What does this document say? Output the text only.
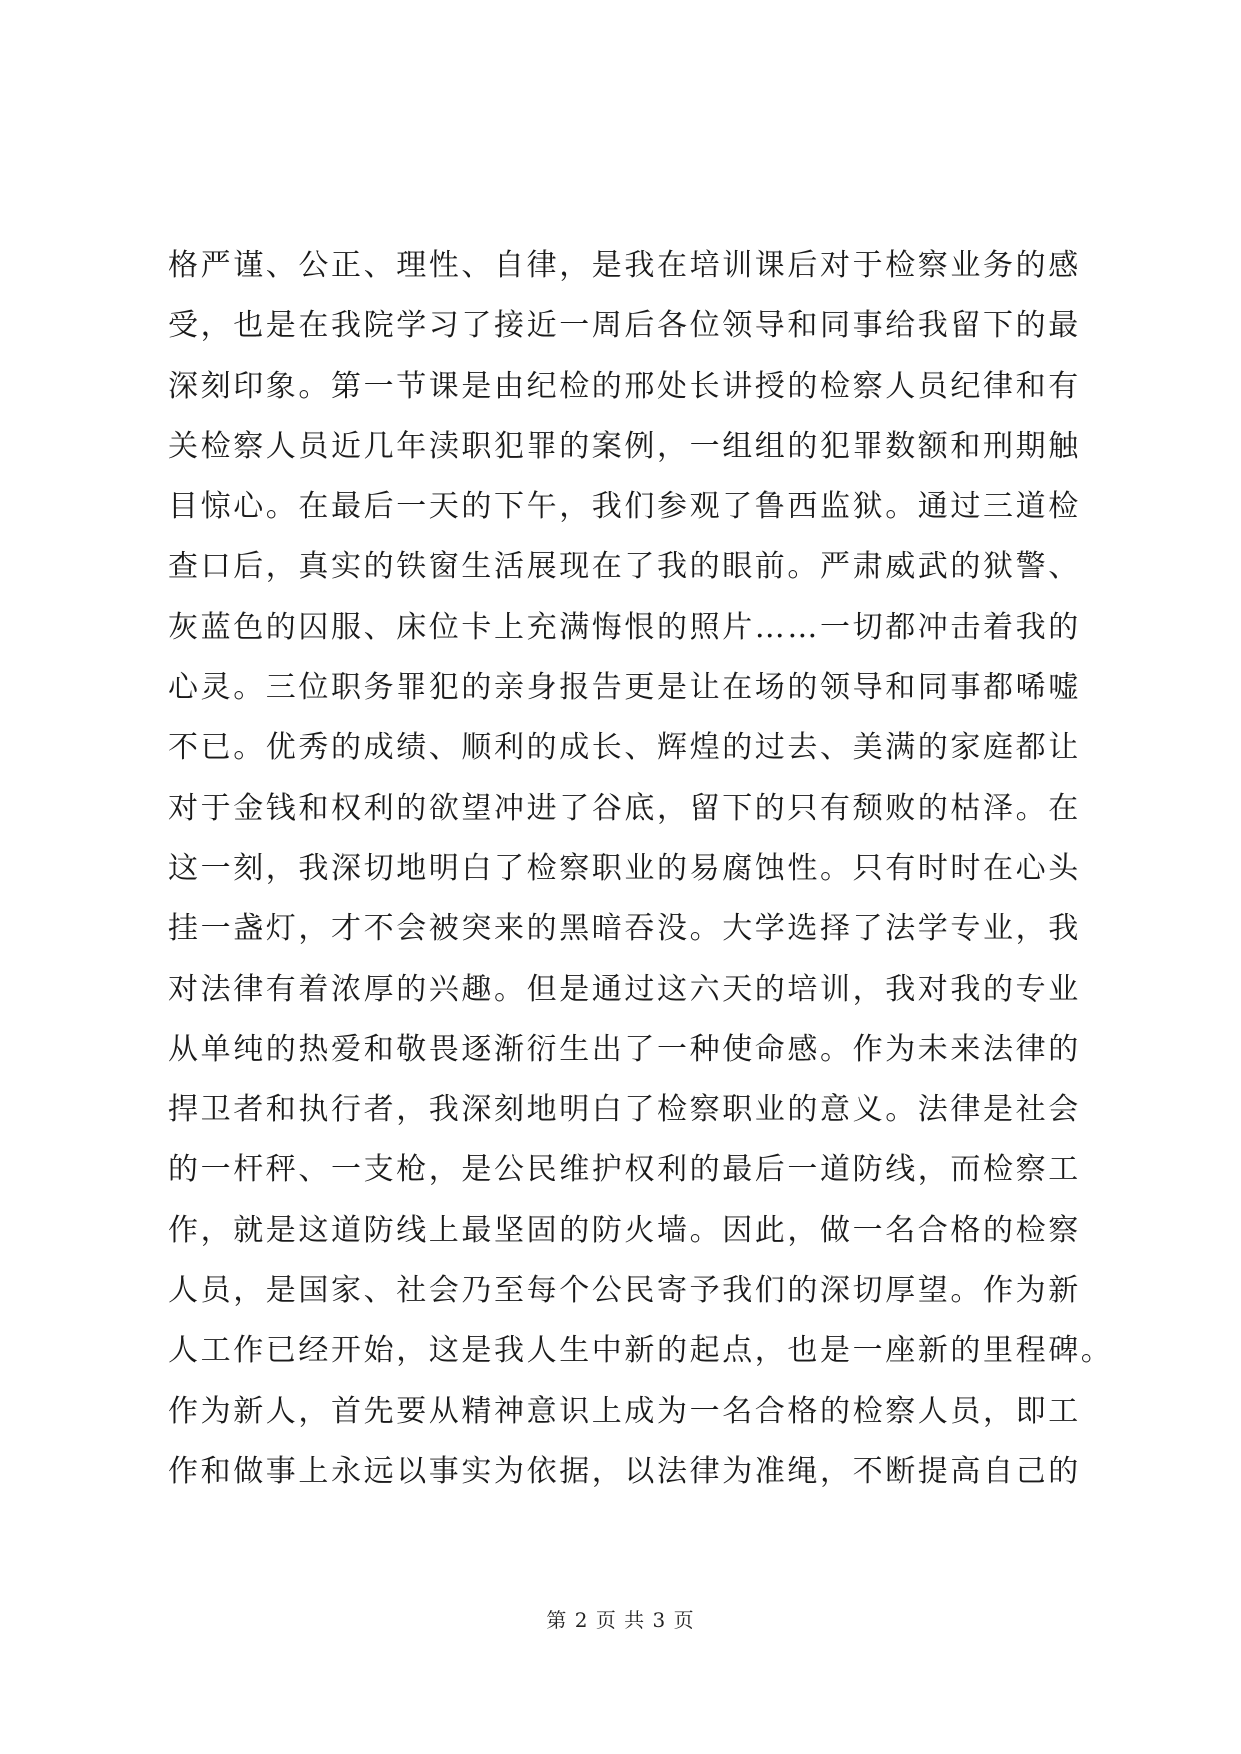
格严谨、公正、理性、自律，是我在培训课后对于检察业务的感
受，也是在我院学习了接近一周后各位领导和同事给我留下的最
深刻印象。第一节课是由纪检的邢处长讲授的检察人员纪律和有
关检察人员近几年渎职犯罪的案例，一组组的犯罪数额和刑期触
目惊心。在最后一天的下午，我们参观了鲁西监狱。通过三道检
查口后，真实的铁窗生活展现在了我的眼前。严肃威武的狱警、
灰蓝色的囚服、床位卡上充满悔恨的照片……一切都冲击着我的
心灵。三位职务罪犯的亲身报告更是让在场的领导和同事都唏嘘
不已。优秀的成绩、顺利的成长、辉煌的过去、美满的家庭都让
对于金钱和权利的欲望冲进了谷底，留下的只有颓败的枯泽。在
这一刻，我深切地明白了检察职业的易腐蚀性。只有时时在心头
挂一盏灯，才不会被突来的黑暗吞没。大学选择了法学专业，我
对法律有着浓厚的兴趣。但是通过这六天的培训，我对我的专业
从单纯的热爱和敬畏逐渐衍生出了一种使命感。作为未来法律的
捍卫者和执行者，我深刻地明白了检察职业的意义。法律是社会
的一杆秤、一支枪，是公民维护权利的最后一道防线，而检察工
作，就是这道防线上最坚固的防火墙。因此，做一名合格的检察
人员，是国家、社会乃至每个公民寄予我们的深切厚望。作为新
人工作已经开始，这是我人生中新的起点，也是一座新的里程碑。
作为新人，首先要从精神意识上成为一名合格的检察人员，即工
作和做事上永远以事实为依据，以法律为准绳，不断提高自己的
第 2 页 共 3 页
